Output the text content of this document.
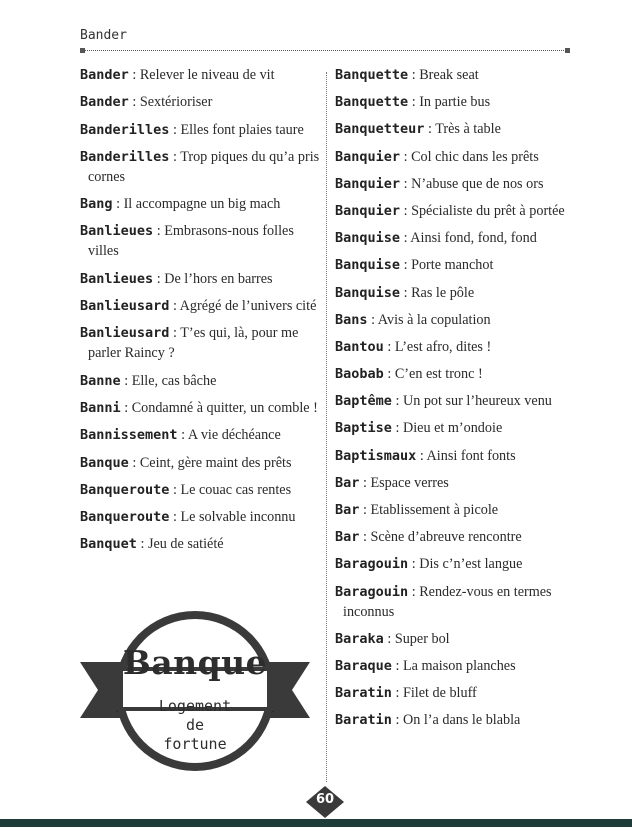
Bander
Bander : Relever le niveau de vit
Bander : Sextérioriser
Banderilles : Elles font plaies taure
Banderilles : Trop piques du qu’a pris cornes
Bang : Il accompagne un big mach
Banlieues : Embrasons-nous folles villes
Banlieues : De l’hors en barres
Banlieusard : Agrégé de l’univers cité
Banlieusard : T’es qui, là, pour me parler Raincy ?
Banne : Elle, cas bâche
Banni : Condamné à quitter, un comble !
Bannissement : A vie déchéance
Banque : Ceint, gère maint des prêts
Banqueroute : Le couac cas rentes
Banqueroute : Le solvable inconnu
Banquet : Jeu de satiété
Banquette : Break seat
Banquette : In partie bus
Banquetteur : Très à table
Banquier : Col chic dans les prêts
Banquier : N’abuse que de nos ors
Banquier : Spécialiste du prêt à portée
Banquise : Ainsi fond, fond, fond
Banquise : Porte manchot
Banquise : Ras le pôle
Bans : Avis à la copulation
Bantou : L’est afro, dites !
Baobab : C’en est tronc !
Baptême : Un pot sur l’heureux venu
Baptise : Dieu et m’ondoie
Baptismaux : Ainsi font fonts
Bar : Espace verres
Bar : Etablissement à picole
Bar : Scène d’abreuve rencontre
Baragouin : Dis c’n’est langue
Baragouin : Rendez-vous en termes inconnus
Baraka : Super bol
Baraque : La maison planches
Baratin : Filet de bluff
Baratin : On l’a dans le blabla
Banque
Logement
de fortune
60
